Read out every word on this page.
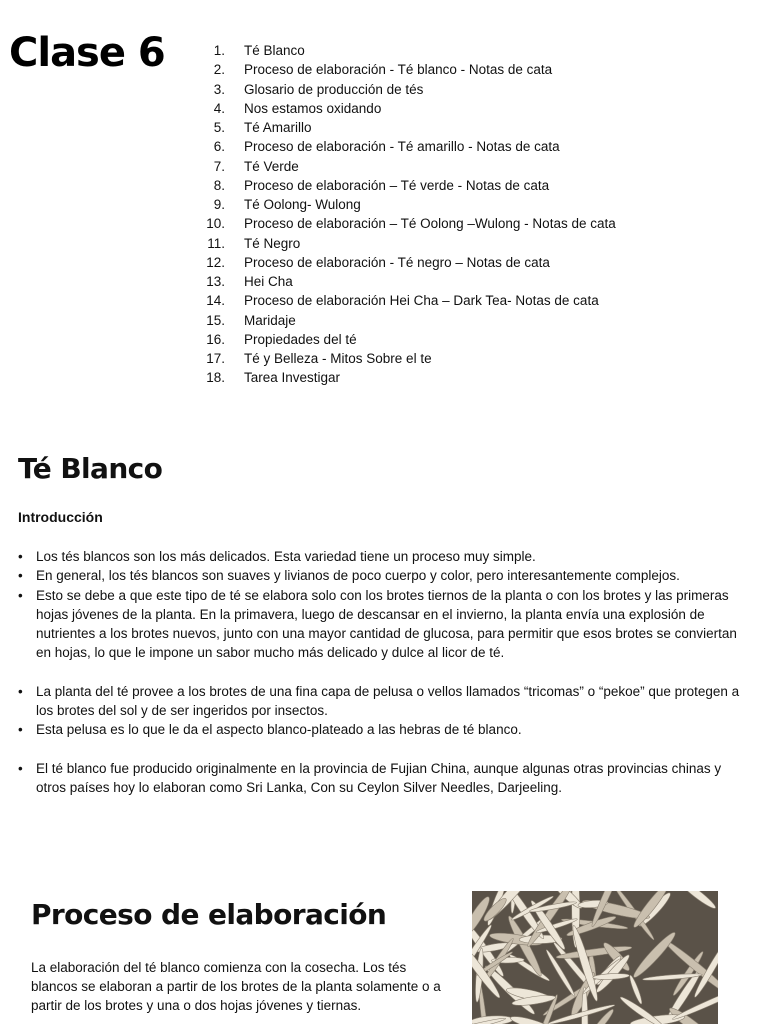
Clase 6	1. Té Blanco
2. Proceso de elaboración - Té blanco - Notas de cata
3. Glosario de producción de tés
4. Nos estamos oxidando
5. Té Amarillo
6. Proceso de elaboración - Té amarillo - Notas de cata
7. Té Verde
8. Proceso de elaboración – Té verde - Notas de cata
9. Té Oolong- Wulong
10. Proceso de elaboración – Té Oolong –Wulong - Notas de cata
11. Té Negro
12. Proceso de elaboración - Té negro – Notas de cata
13. Hei Cha
14. Proceso de elaboración Hei Cha – Dark Tea- Notas de cata
15. Maridaje
16. Propiedades del té
17. Té y Belleza - Mitos Sobre el te
18. Tarea Investigar
Té Blanco
Introducción
• Los tés blancos son los más delicados. Esta variedad tiene un proceso muy simple.
• En general, los tés blancos son suaves y livianos de poco cuerpo y color, pero interesantemente complejos.
• Esto se debe a que este tipo de té se elabora solo con los brotes tiernos de la planta o con los brotes y las primeras hojas jóvenes de la planta. En la primavera, luego de descansar en el invierno, la planta envía una explosión de nutrientes a los brotes nuevos, junto con una mayor cantidad de glucosa, para permitir que esos brotes se conviertan en hojas, lo que le impone un sabor mucho más delicado y dulce al licor de té.
• La planta del té provee a los brotes de una fina capa de pelusa o vellos llamados “tricomas” o “pekoe” que protegen a los brotes del sol y de ser ingeridos por insectos.
• Esta pelusa es lo que le da el aspecto blanco-plateado a las hebras de té blanco.
• El té blanco fue producido originalmente en la provincia de Fujian China, aunque algunas otras provincias chinas y otros países hoy lo elaboran como Sri Lanka, Con su Ceylon Silver Needles, Darjeeling.
Proceso de elaboración

La elaboración del té blanco comienza con la cosecha. Los tés blancos se elaboran a partir de los brotes de la planta solamente o a partir de los brotes y una o dos hojas jóvenes y tiernas.
